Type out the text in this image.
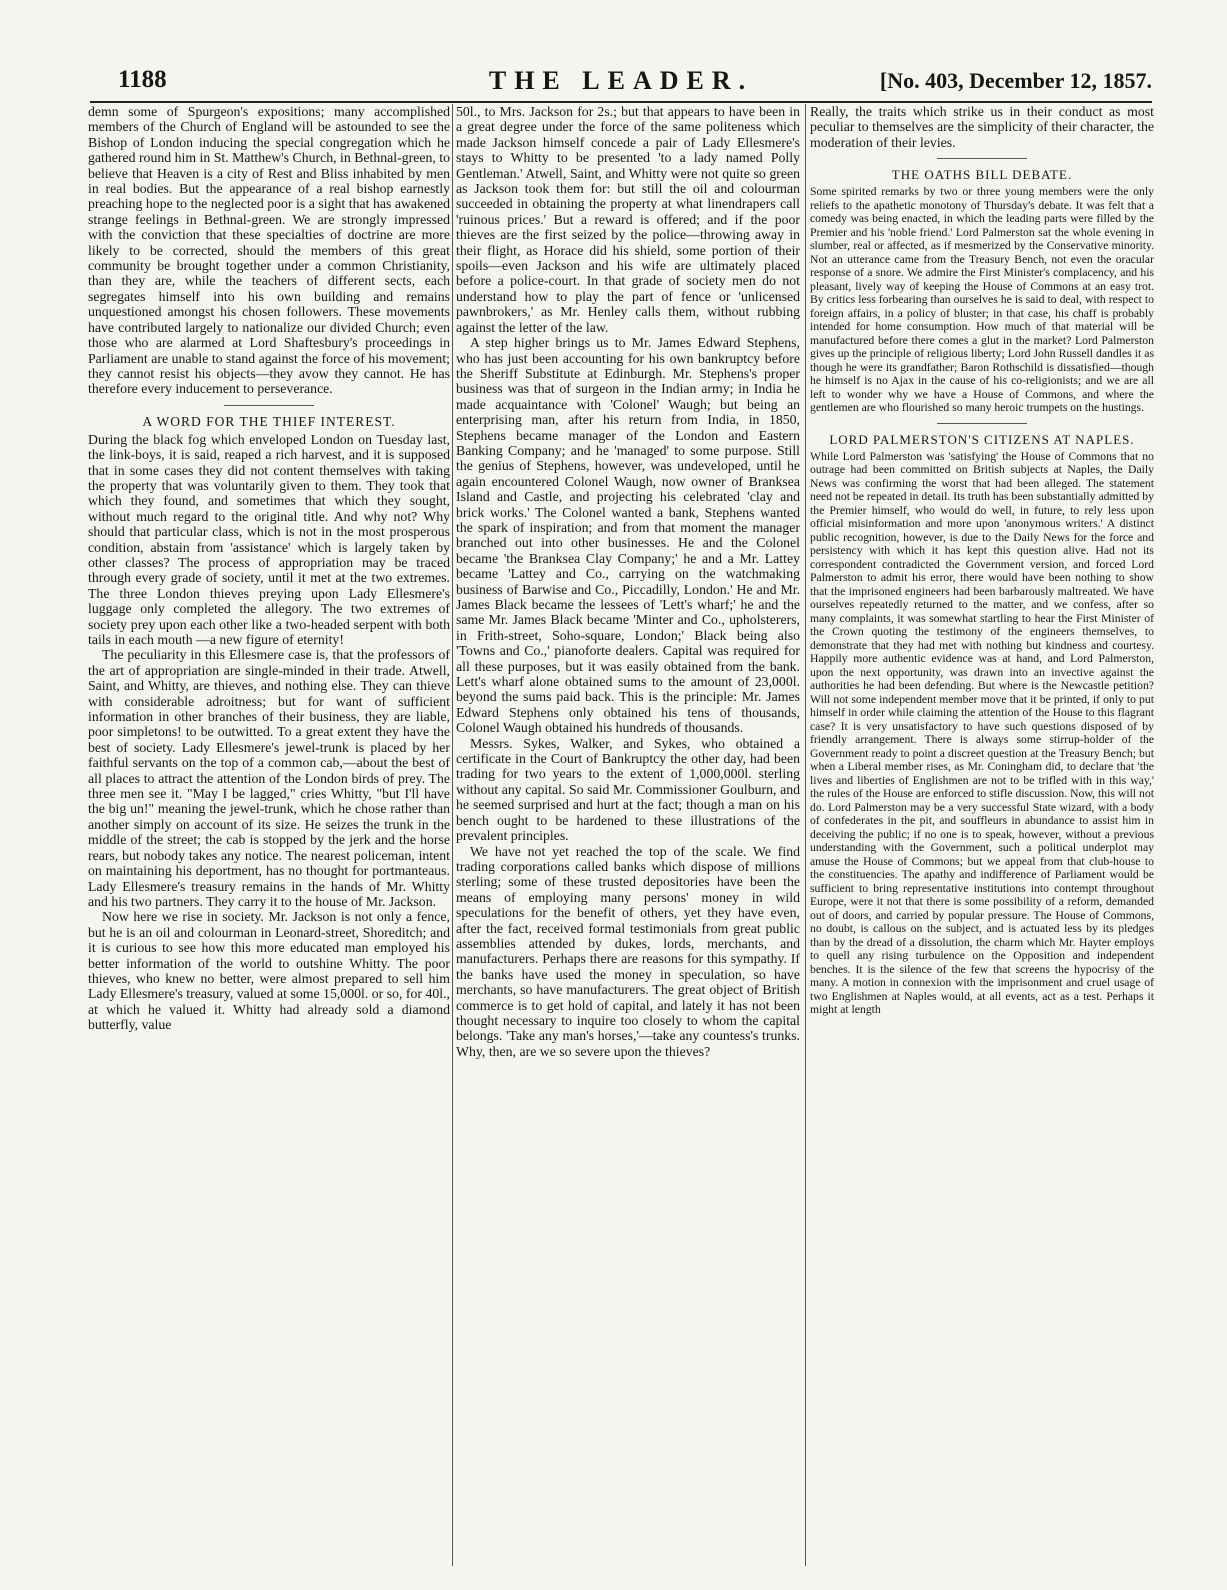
1188	THE LEADER.	[No. 403, December 12, 1857.

demn some of Spurgeon's expositions; many accomplished members of the Church of England will be astounded to see the Bishop of London inducing the special congregation which he gathered round him in St. Matthew's Church, in Bethnal-green, to believe that Heaven is a city of Rest and Bliss inhabited by men in real bodies. But the appearance of a real bishop earnestly preaching hope to the neglected poor is a sight that has awakened strange feelings in Bethnal-green. We are strongly impressed with the conviction that these specialties of doctrine are more likely to be corrected, should the members of this great community be brought together under a common Christianity, than they are, while the teachers of different sects, each segregates himself into his own building and remains unquestioned amongst his chosen followers. These movements have contributed largely to nationalize our divided Church; even those who are alarmed at Lord Shaftesbury's proceedings in Parliament are unable to stand against the force of his movement; they cannot resist his objects—they avow they cannot. He has therefore every inducement to perseverance.

A WORD FOR THE THIEF INTEREST.

During the black fog which enveloped London on Tuesday last, the link-boys, it is said, reaped a rich harvest, and it is supposed that in some cases they did not content themselves with taking the property that was voluntarily given to them. They took that which they found, and sometimes that which they sought, without much regard to the original title. And why not? Why should that particular class, which is not in the most prosperous condition, abstain from 'assistance' which is largely taken by other classes? The process of appropriation may be traced through every grade of society, until it met at the two extremes. The three London thieves preying upon Lady Ellesmere's luggage only completed the allegory. The two extremes of society prey upon each other like a two-headed serpent with both tails in each mouth —a new figure of eternity!

The peculiarity in this Ellesmere case is, that the professors of the art of appropriation are single-minded in their trade. Atwell, Saint, and Whitty, are thieves, and nothing else. They can thieve with considerable adroitness; but for want of sufficient information in other branches of their business, they are liable, poor simpletons! to be outwitted. To a great extent they have the best of society. Lady Ellesmere's jewel-trunk is placed by her faithful servants on the top of a common cab,—about the best of all places to attract the attention of the London birds of prey. The three men see it. "May I be lagged," cries Whitty, "but I'll have the big un!" meaning the jewel-trunk, which he chose rather than another simply on account of its size. He seizes the trunk in the middle of the street; the cab is stopped by the jerk and the horse rears, but nobody takes any notice. The nearest policeman, intent on maintaining his deportment, has no thought for portmanteaus. Lady Ellesmere's treasury remains in the hands of Mr. Whitty and his two partners. They carry it to the house of Mr. Jackson.

Now here we rise in society. Mr. Jackson is not only a fence, but he is an oil and colourman in Leonard-street, Shoreditch; and it is curious to see how this more educated man employed his better information of the world to outshine Whitty. The poor thieves, who knew no better, were almost prepared to sell him Lady Ellesmere's treasury, valued at some 15,000l. or so, for 40l., at which he valued it. Whitty had already sold a diamond butterfly, value

50l., to Mrs. Jackson for 2s.; but that appears to have been in a great degree under the force of the same politeness which made Jackson himself concede a pair of Lady Ellesmere's stays to Whitty to be presented 'to a lady named Polly Gentleman.' Atwell, Saint, and Whitty were not quite so green as Jackson took them for: but still the oil and colourman succeeded in obtaining the property at what linendrapers call 'ruinous prices.' But a reward is offered; and if the poor thieves are the first seized by the police—throwing away in their flight, as Horace did his shield, some portion of their spoils—even Jackson and his wife are ultimately placed before a police-court. In that grade of society men do not understand how to play the part of fence or 'unlicensed pawnbrokers,' as Mr. Henley calls them, without rubbing against the letter of the law.

A step higher brings us to Mr. James Edward Stephens, who has just been accounting for his own bankruptcy before the Sheriff Substitute at Edinburgh. Mr. Stephens's proper business was that of surgeon in the Indian army; in India he made acquaintance with 'Colonel' Waugh; but being an enterprising man, after his return from India, in 1850, Stephens became manager of the London and Eastern Banking Company; and he 'managed' to some purpose. Still the genius of Stephens, however, was undeveloped, until he again encountered Colonel Waugh, now owner of Branksea Island and Castle, and projecting his celebrated 'clay and brick works.' The Colonel wanted a bank, Stephens wanted the spark of inspiration; and from that moment the manager branched out into other businesses. He and the Colonel became 'the Branksea Clay Company;' he and a Mr. Lattey became 'Lattey and Co., carrying on the watchmaking business of Barwise and Co., Piccadilly, London.' He and Mr. James Black became the lessees of 'Lett's wharf;' he and the same Mr. James Black became 'Minter and Co., upholsterers, in Frith-street, Soho-square, London;' Black being also 'Towns and Co.,' pianoforte dealers. Capital was required for all these purposes, but it was easily obtained from the bank. Lett's wharf alone obtained sums to the amount of 23,000l. beyond the sums paid back. This is the principle: Mr. James Edward Stephens only obtained his tens of thousands, Colonel Waugh obtained his hundreds of thousands.

Messrs. Sykes, Walker, and Sykes, who obtained a certificate in the Court of Bankruptcy the other day, had been trading for two years to the extent of 1,000,000l. sterling without any capital. So said Mr. Commissioner Goulburn, and he seemed surprised and hurt at the fact; though a man on his bench ought to be hardened to these illustrations of the prevalent principles.

We have not yet reached the top of the scale. We find trading corporations called banks which dispose of millions sterling; some of these trusted depositories have been the means of employing many persons' money in wild speculations for the benefit of others, yet they have even, after the fact, received formal testimonials from great public assemblies attended by dukes, lords, merchants, and manufacturers. Perhaps there are reasons for this sympathy. If the banks have used the money in speculation, so have merchants, so have manufacturers. The great object of British commerce is to get hold of capital, and lately it has not been thought necessary to inquire too closely to whom the capital belongs. 'Take any man's horses,'—take any countess's trunks. Why, then, are we so severe upon the thieves?

Really, the traits which strike us in their conduct as most peculiar to themselves are the simplicity of their character, the moderation of their levies.

THE OATHS BILL DEBATE.

Some spirited remarks by two or three young members were the only reliefs to the apathetic monotony of Thursday's debate. It was felt that a comedy was being enacted, in which the leading parts were filled by the Premier and his 'noble friend.' Lord Palmerston sat the whole evening in slumber, real or affected, as if mesmerized by the Conservative minority. Not an utterance came from the Treasury Bench, not even the oracular response of a snore. We admire the First Minister's complacency, and his pleasant, lively way of keeping the House of Commons at an easy trot. By critics less forbearing than ourselves he is said to deal, with respect to foreign affairs, in a policy of bluster; in that case, his chaff is probably intended for home consumption. How much of that material will be manufactured before there comes a glut in the market? Lord Palmerston gives up the principle of religious liberty; Lord John Russell dandles it as though he were its grandfather; Baron Rothschild is dissatisfied—though he himself is no Ajax in the cause of his co-religionists; and we are all left to wonder why we have a House of Commons, and where the gentlemen are who flourished so many heroic trumpets on the hustings.

LORD PALMERSTON'S CITIZENS AT NAPLES.

While Lord Palmerston was 'satisfying' the House of Commons that no outrage had been committed on British subjects at Naples, the Daily News was confirming the worst that had been alleged. The statement need not be repeated in detail. Its truth has been substantially admitted by the Premier himself, who would do well, in future, to rely less upon official misinformation and more upon 'anonymous writers.' A distinct public recognition, however, is due to the Daily News for the force and persistency with which it has kept this question alive. Had not its correspondent contradicted the Government version, and forced Lord Palmerston to admit his error, there would have been nothing to show that the imprisoned engineers had been barbarously maltreated. We have ourselves repeatedly returned to the matter, and we confess, after so many complaints, it was somewhat startling to hear the First Minister of the Crown quoting the testimony of the engineers themselves, to demonstrate that they had met with nothing but kindness and courtesy. Happily more authentic evidence was at hand, and Lord Palmerston, upon the next opportunity, was drawn into an invective against the authorities he had been defending. But where is the Newcastle petition? Will not some independent member move that it be printed, if only to put himself in order while claiming the attention of the House to this flagrant case? It is very unsatisfactory to have such questions disposed of by friendly arrangement. There is always some stirrup-holder of the Government ready to point a discreet question at the Treasury Bench; but when a Liberal member rises, as Mr. Coningham did, to declare that 'the lives and liberties of Englishmen are not to be trifled with in this way,' the rules of the House are enforced to stifle discussion. Now, this will not do. Lord Palmerston may be a very successful State wizard, with a body of confederates in the pit, and souffleurs in abundance to assist him in deceiving the public; if no one is to speak, however, without a previous understanding with the Government, such a political underplot may amuse the House of Commons; but we appeal from that club-house to the constituencies. The apathy and indifference of Parliament would be sufficient to bring representative institutions into contempt throughout Europe, were it not that there is some possibility of a reform, demanded out of doors, and carried by popular pressure. The House of Commons, no doubt, is callous on the subject, and is actuated less by its pledges than by the dread of a dissolution, the charm which Mr. Hayter employs to quell any rising turbulence on the Opposition and independent benches. It is the silence of the few that screens the hypocrisy of the many. A motion in connexion with the imprisonment and cruel usage of two Englishmen at Naples would, at all events, act as a test. Perhaps it might at length
